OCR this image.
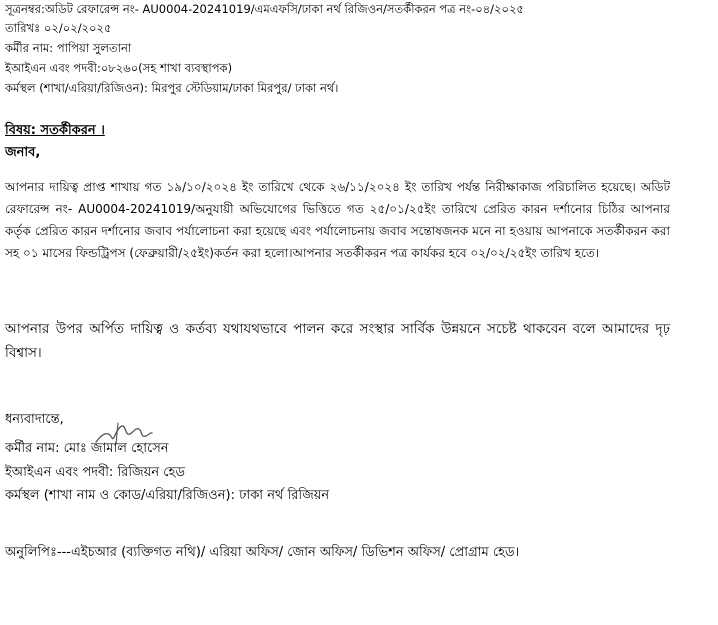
সূত্রনম্বর:অডিট রেফারেন্স নং- AU0004-20241019/এমএফসি/ঢাকা নর্থ রিজিওন/সতর্কীকরন পত্র নং-০৪/২০২৫
তারিখঃ ০২/০২/২০২৫
কর্মীর নাম: পাপিয়া সুলতানা
ইআইএন এবং পদবী:০৮২৬০(সহ শাখা ব্যবস্থাপক)
কর্মস্থল (শাখা/এরিয়া/রিজিওন): মিরপুর স্টেডিয়াম/ঢাকা মিরপুর/ ঢাকা নর্থ।
বিষয়: সতর্কীকরন ।
জনাব,
আপনার দায়িত্ব প্রাপ্ত শাখায় গত ১৯/১০/২০২৪ ইং তারিখে থেকে ২৬/১১/২০২৪ ইং তারিখ পর্যন্ত নিরীক্ষাকাজ পরিচালিত হয়েছে। অডিট রেফারেন্স নং- AU0004-20241019/অনুযায়ী অভিযোগের ভিত্তিতে গত ২৫/০১/২৫ইং তারিখে প্রেরিত কারন দর্শানোর চিঠির আপনার কর্তৃক প্রেরিত কারন দর্শানোর জবাব পর্যালোচনা করা হয়েছে এবং পর্যালোচনায় জবাব সন্তোষজনক মনে না হওয়ায় আপনাকে সতর্কীকরন করা সহ ০১ মাসের ফিন্ডট্রিপস (ফেব্রুয়ারী/২৫ইং)কর্তন করা হলো।আপনার সতর্কীকরন পত্র কার্যকর হবে ০২/০২/২৫ইং তারিখ হতে।
আপনার উপর অর্পিত দায়িত্ব ও কর্তব্য যথাযথভাবে পালন করে সংস্থার সার্বিক উন্নয়নে সচেষ্ট থাকবেন বলে আমাদের দৃঢ় বিশ্বাস।
ধন্যবাদান্তে,
কর্মীর নাম: মোঃ জামাল হোসেন
ইআইএন এবং পদবী: রিজিয়ন হেড
কর্মস্থল (শাখা নাম ও কোড/এরিয়া/রিজিওন): ঢাকা নর্থ রিজিয়ন
অনুলিপিঃ---এইচআর (ব্যক্তিগত নথি)/ এরিয়া অফিস/ জোন অফিস/ ডিভিশন অফিস/ প্রোগ্রাম হেড।
